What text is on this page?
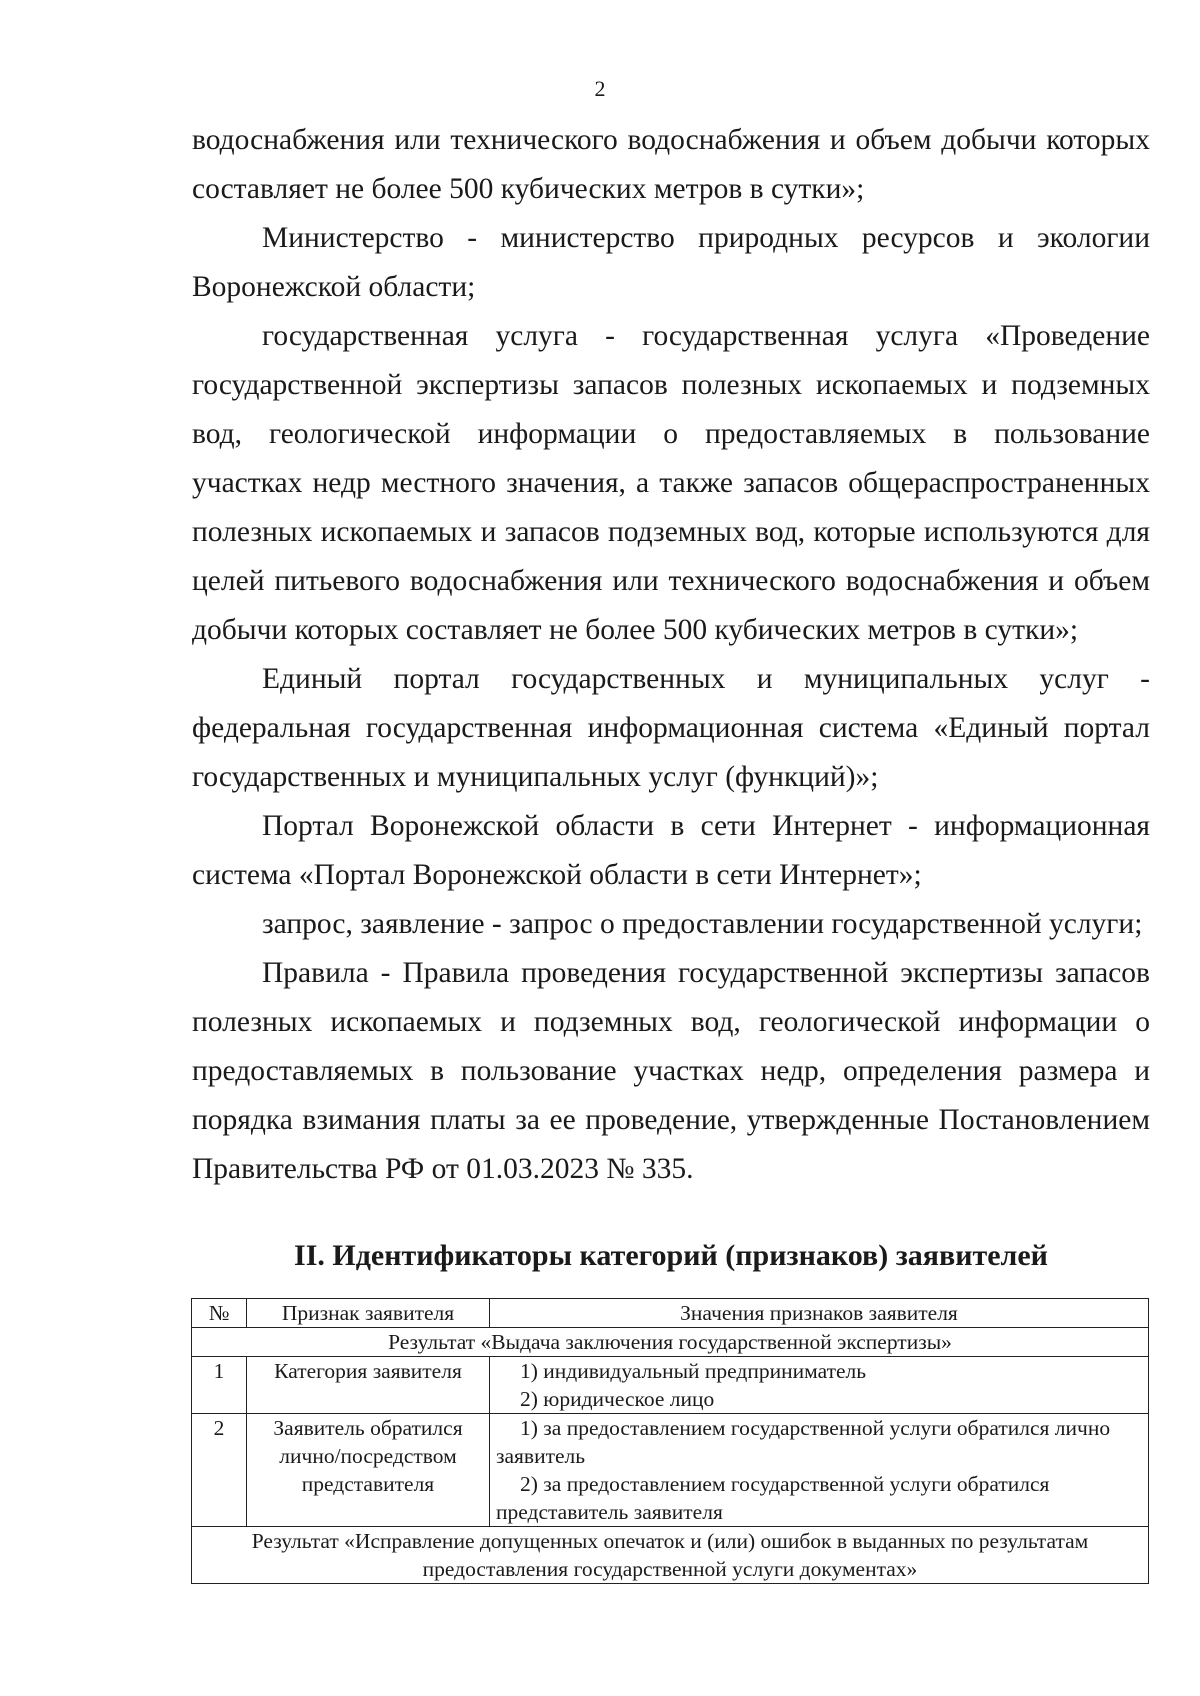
2

водоснабжения или технического водоснабжения и объем добычи которых составляет не более 500 кубических метров в сутки»;

Министерство - министерство природных ресурсов и экологии Воронежской области;

государственная услуга - государственная услуга «Проведение государственной экспертизы запасов полезных ископаемых и подземных вод, геологической информации о предоставляемых в пользование участках недр местного значения, а также запасов общераспространенных полезных ископаемых и запасов подземных вод, которые используются для целей питьевого водоснабжения или технического водоснабжения и объем добычи которых составляет не более 500 кубических метров в сутки»;

Единый портал государственных и муниципальных услуг - федеральная государственная информационная система «Единый портал государственных и муниципальных услуг (функций)»;

Портал Воронежской области в сети Интернет - информационная система «Портал Воронежской области в сети Интернет»;

запрос, заявление - запрос о предоставлении государственной услуги;

Правила - Правила проведения государственной экспертизы запасов полезных ископаемых и подземных вод, геологической информации о предоставляемых в пользование участках недр, определения размера и порядка взимания платы за ее проведение, утвержденные Постановлением Правительства РФ от 01.03.2023 № 335.

II. Идентификаторы категорий (признаков) заявителей
№	Признак заявителя	Значения признаков заявителя
Результат «Выдача заключения государственной экспертизы»		
1	Категория заявителя	1) индивидуальный предприниматель
2) юридическое лицо

2	Заявитель обратился лично/посредством представителя	1) за предоставлением государственной услуги обратился лично заявитель
2) за предоставлением государственной услуги обратился представитель заявителя

Результат «Исправление допущенных опечаток и (или) ошибок в выданных по результатам предоставления государственной услуги документах»		
